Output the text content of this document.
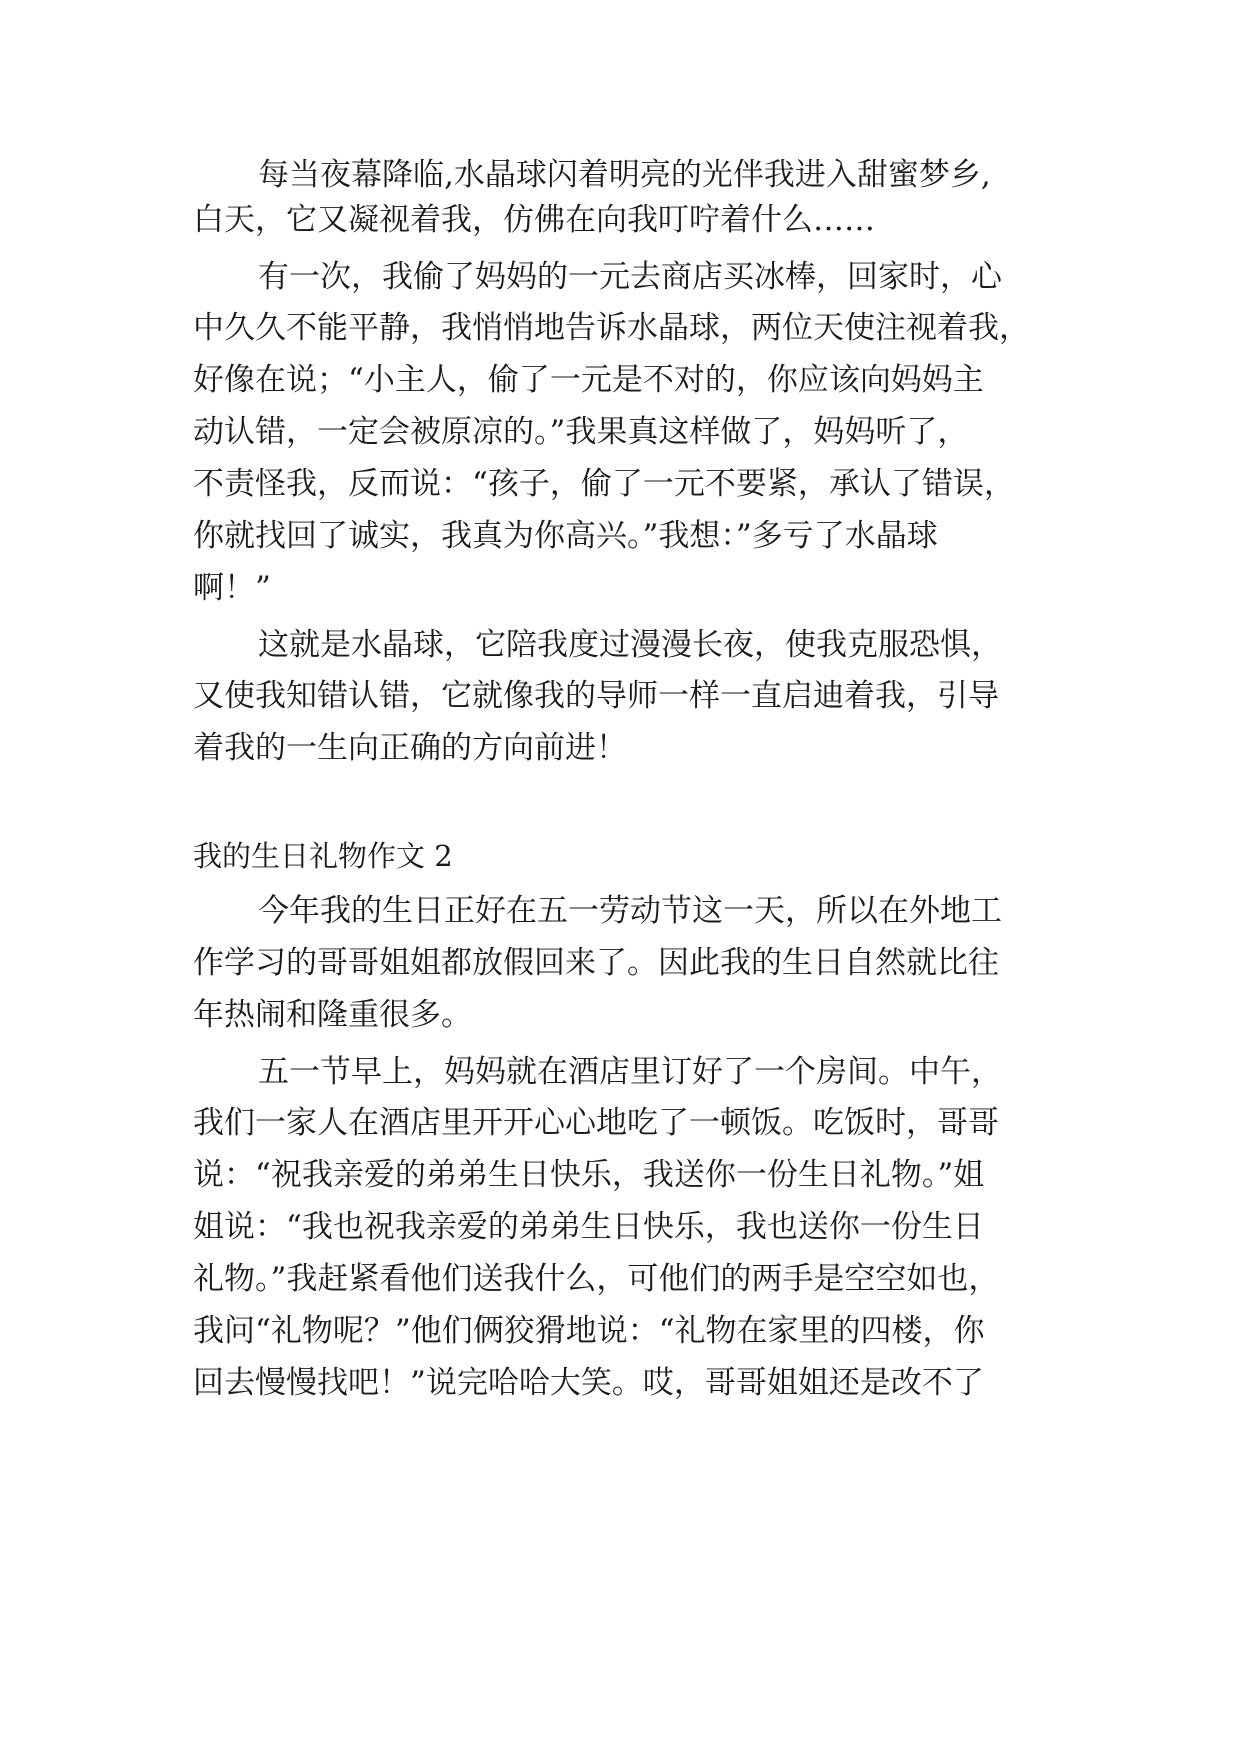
每当夜幕降临,水晶球闪着明亮的光伴我进入甜蜜梦乡,

白天，它又凝视着我，仿佛在向我叮咛着什么……

有一次，我偷了妈妈的一元去商店买冰棒，回家时，心

中久久不能平静，我悄悄地告诉水晶球，两位天使注视着我，

好像在说；“小主人，偷了一元是不对的，你应该向妈妈主

动认错，一定会被原凉的。”我果真这样做了，妈妈听了，

不责怪我，反而说：“孩子，偷了一元不要紧，承认了错误，

你就找回了诚实，我真为你高兴。”我想：”多亏了水晶球

啊！”

这就是水晶球，它陪我度过漫漫长夜，使我克服恐惧，

又使我知错认错，它就像我的导师一样一直启迪着我，引导

着我的一生向正确的方向前进！

我的生日礼物作文 2

今年我的生日正好在五一劳动节这一天，所以在外地工

作学习的哥哥姐姐都放假回来了。因此我的生日自然就比往

年热闹和隆重很多。

五一节早上，妈妈就在酒店里订好了一个房间。中午，

我们一家人在酒店里开开心心地吃了一顿饭。吃饭时，哥哥

说：“祝我亲爱的弟弟生日快乐，我送你一份生日礼物。”姐

姐说：“我也祝我亲爱的弟弟生日快乐，我也送你一份生日

礼物。”我赶紧看他们送我什么，可他们的两手是空空如也，

我问“礼物呢？”他们俩狡猾地说：“礼物在家里的四楼，你

回去慢慢找吧！”说完哈哈大笑。哎，哥哥姐姐还是改不了
